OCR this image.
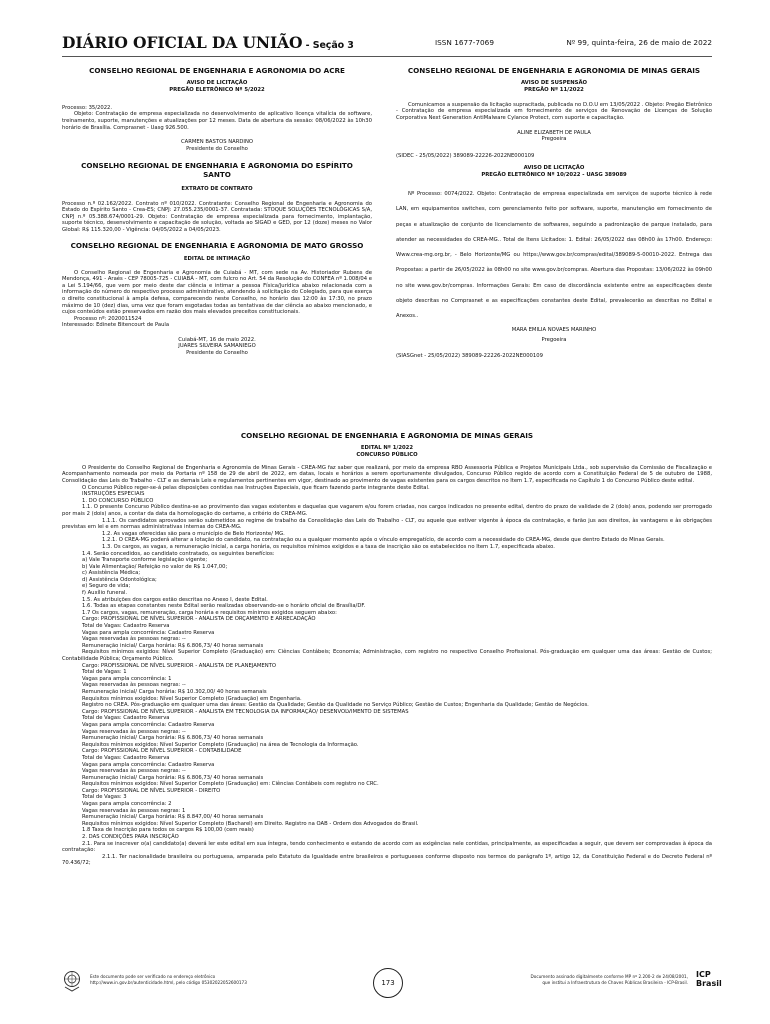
DIÁRIO OFICIAL DA UNIÃO - Seção 3	ISSN 1677-7069	Nº 99, quinta-feira, 26 de maio de 2022
CONSELHO REGIONAL DE ENGENHARIA E AGRONOMIA DO ACRE
AVISO DE LICITAÇÃO
PREGÃO ELETRÔNICO Nº 5/2022

Processo: 35/2022.

Objeto: Contratação de empresa especializada no desenvolvimento de aplicativo licença vitalícia de software, treinamento, suporte, manutenções e atualizações por 12 meses. Data de abertura da sessão: 08/06/2022 às 10h30 horário de Brasília. Comprasnet - Uasg 926.500.

CARMEN BASTOS NARDINO

Presidente do Conselho

CONSELHO REGIONAL DE ENGENHARIA E AGRONOMIA DO ESPÍRITO SANTO
EXTRATO DE CONTRATO

Processo n.º 02.162/2022. Contrato nº 010/2022. Contratante: Conselho Regional de Engenharia e Agronomia do Estado do Espírito Santo - Crea-ES; CNPJ: 27.055.235/0001-37. Contratada: STOQUE SOLUÇÕES TECNOLÓGICAS S/A, CNPJ n.º 05.388.674/0001-29. Objeto: Contratação de empresa especializada para fornecimento, implantação, suporte técnico, desenvolvimento e capacitação de solução, voltada ao SIGAD e GED, por 12 (doze) meses no Valor Global: R$ 115.320,00 - Vigência: 04/05/2022 a 04/05/2023.

CONSELHO REGIONAL DE ENGENHARIA E AGRONOMIA DE MATO GROSSO
EDITAL DE INTIMAÇÃO

O Conselho Regional de Engenharia e Agronomia de Cuiabá - MT, com sede na Av. Historiador Rubens de Mendonça, 491 - Araés - CEP 78005-725 - CUIABÁ - MT, com fulcro no Art. 54 da Resolução do CONFEA nº 1.008/04 e a Lei 5.194/66, que vem por meio deste dar ciência e intimar a pessoa Física/Jurídica abaixo relacionada com a informação do número do respectivo processo administrativo, atendendo à solicitação do Colegiado, para que exerça o direito constitucional à ampla defesa, comparecendo neste Conselho, no horário das 12:00 às 17:30, no prazo máximo de 10 (dez) dias, uma vez que foram esgotadas todas as tentativas de dar ciência ao abaixo mencionado, e cujos conteúdos estão preservados em razão dos mais elevados preceitos constitucionais.

Processo nº: 2020011524

Interessado: Edinete Bitencourt de Paula

Cuiabá-MT, 16 de maio 2022.

JUARES SILVEIRA SAMANIEGO

Presidente do Conselho

CONSELHO REGIONAL DE ENGENHARIA E AGRONOMIA DE MINAS GERAIS
AVISO DE SUSPENSÃO
PREGÃO Nº 11/2022

Comunicamos a suspensão da licitação supracitada, publicada no D.O.U em 13/05/2022 . Objeto: Pregão Eletrônico - Contratação de empresa especializada em fornecimento de serviços de Renovação de Licenças de Solução Corporativa Next Generation AntiMalware Cylance Protect, com suporte e capacitação.

ALINE ELIZABETH DE PAULA

Pregoeira

(SIDEC - 25/05/2022) 389089-22226-2022NE000109

AVISO DE LICITAÇÃO
PREGÃO ELETRÔNICO Nº 10/2022 - UASG 389089

Nº Processo: 0074/2022. Objeto: Contratação de empresa especializada em serviços de suporte técnico à rede LAN, em equipamentos switches, com gerenciamento feito por software, suporte, manutenção em fornecimento de peças e atualização de conjunto de licenciamento de softwares, seguindo a padronização de parque instalado, para atender as necessidades do CREA-MG.. Total de Itens Licitados: 1. Edital: 26/05/2022 das 08h00 às 17h00. Endereço: Www.crea-mg.org.br, - Belo Horizonte/MG ou https://www.gov.br/compras/edital/389089-5-00010-2022. Entrega das Propostas: a partir de 26/05/2022 às 08h00 no site www.gov.br/compras. Abertura das Propostas: 13/06/2022 às 09h00 no site www.gov.br/compras. Informações Gerais: Em caso de discordância existente entre as especificações deste objeto descritas no Comprasnet e as especificações constantes deste Edital, prevalecerão as descritas no Edital e Anexos..

MARA EMILIA NOVAES MARINHO

Pregoeira

(SIASGnet - 25/05/2022) 389089-22226-2022NE000109

CONSELHO REGIONAL DE ENGENHARIA E AGRONOMIA DE MINAS GERAIS
EDITAL Nº 1/2022
CONCURSO PÚBLICO

O Presidente do Conselho Regional de Engenharia e Agronomia de Minas Gerais - CREA-MG faz saber que realizará, por meio da empresa RBO Assessoria Pública e Projetos Municipais Ltda., sob supervisão da Comissão de Fiscalização e Acompanhamento nomeada por meio da Portaria nº 158 de 29 de abril de 2022, em datas, locais e horários a serem oportunamente divulgados, Concurso Público regido de acordo com a Constituição Federal de 5 de outubro de 1988, Consolidação das Leis do Trabalho - CLT e as demais Leis e regulamentos pertinentes em vigor, destinado ao provimento de vagas existentes para os cargos descritos no Item 1.7, especificada no Capítulo 1 do Concurso Público deste edital.

O Concurso Público reger-se-á pelas disposições contidas nas Instruções Especiais, que ficam fazendo parte integrante deste Edital.

INSTRUÇÕES ESPECIAIS

1. DO CONCURSO PÚBLICO

1.1. O presente Concurso Público destina-se ao provimento das vagas existentes e daquelas que vagarem e/ou forem criadas, nos cargos indicados no presente edital, dentro do prazo de validade de 2 (dois) anos, podendo ser prorrogado por mais 2 (dois) anos, a contar da data da homologação do certame, a critério do CREA-MG.

1.1.1. Os candidatos aprovados serão submetidos ao regime de trabalho da Consolidação das Leis do Trabalho - CLT, ou aquele que estiver vigente à época da contratação, e farão jus aos direitos, às vantagens e às obrigações previstas em lei e em normas administrativas internas do CREA-MG.

1.2. As vagas oferecidas são para o município de Belo Horizonte/ MG.

1.2.1. O CREA-MG poderá alterar a lotação do candidato, na contratação ou a qualquer momento após o vínculo empregatício, de acordo com a necessidade do CREA-MG, desde que dentro Estado do Minas Gerais.

1.3. Os cargos, as vagas, a remuneração inicial, a carga horária, os requisitos mínimos exigidos e a taxa de inscrição são os estabelecidos no Item 1.7, especificada abaixo.

1.4. Serão concedidos, ao candidato contratado, os seguintes benefícios:

a) Vale Transporte conforme legislação vigente;

b) Vale Alimentação/ Refeição no valor de R$ 1.047,00;

c) Assistência Médica;

d) Assistência Odontológica;

e) Seguro de vida;

f) Auxílio funeral.

1.5. As atribuições dos cargos estão descritas no Anexo I, deste Edital.

1.6. Todas as etapas constantes neste Edital serão realizadas observando-se o horário oficial de Brasília/DF.

1.7 Os cargos, vagas, remuneração, carga horária e requisitos mínimos exigidos seguem abaixo:

Cargo: PROFISSIONAL DE NÍVEL SUPERIOR - ANALISTA DE ORÇAMENTO E ARRECADAÇÃO

Total de Vagas: Cadastro Reserva

Vagas para ampla concorrência: Cadastro Reserva

Vagas reservadas às pessoas negras: --

Remuneração inicial/ Carga horária: R$ 6.806,73/ 40 horas semanais

Requisitos mínimos exigidos: Nível Superior Completo (Graduação) em: Ciências Contábeis; Economia; Administração, com registro no respectivo Conselho Profissional. Pós-graduação em qualquer uma das áreas: Gestão de Custos; Contabilidade Pública; Orçamento Público.

Cargo: PROFISSIONAL DE NÍVEL SUPERIOR - ANALISTA DE PLANEJAMENTO

Total de Vagas: 1

Vagas para ampla concorrência: 1

Vagas reservadas às pessoas negras: --

Remuneração inicial/ Carga horária: R$ 10.302,00/ 40 horas semanais

Requisitos mínimos exigidos: Nível Superior Completo (Graduação) em Engenharia.

Registro no CREA. Pós-graduação em qualquer uma das áreas: Gestão da Qualidade; Gestão da Qualidade no Serviço Público; Gestão de Custos; Engenharia da Qualidade; Gestão de Negócios.

Cargo: PROFISSIONAL DE NÍVEL SUPERIOR - ANALISTA EM TECNOLOGIA DA INFORMAÇÃO/ DESENVOLVIMENTO DE SISTEMAS

Total de Vagas: Cadastro Reserva

Vagas para ampla concorrência: Cadastro Reserva

Vagas reservadas às pessoas negras: --

Remuneração inicial/ Carga horária: R$ 6.806,73/ 40 horas semanais

Requisitos mínimos exigidos: Nível Superior Completo (Graduação) na área de Tecnologia da Informação.

Cargo: PROFISSIONAL DE NÍVEL SUPERIOR - CONTABILIDADE

Total de Vagas: Cadastro Reserva

Vagas para ampla concorrência: Cadastro Reserva

Vagas reservadas às pessoas negras: --

Remuneração inicial/ Carga horária: R$ 6.806,73/ 40 horas semanais

Requisitos mínimos exigidos: Nível Superior Completo (Graduação) em: Ciências Contábeis com registro no CRC.

Cargo: PROFISSIONAL DE NÍVEL SUPERIOR - DIREITO

Total de Vagas: 3

Vagas para ampla concorrência: 2

Vagas reservadas às pessoas negras: 1

Remuneração inicial/ Carga horária: R$ 8.847,00/ 40 horas semanais

Requisitos mínimos exigidos: Nível Superior Completo (Bacharel) em Direito. Registro na OAB - Ordem dos Advogados do Brasil.

1.8 Taxa de Inscrição para todos os cargos R$ 100,00 (cem reais)

2. DAS CONDIÇÕES PARA INSCRIÇÃO

2.1. Para se inscrever o(a) candidato(a) deverá ler este edital em sua íntegra, tendo conhecimento e estando de acordo com as exigências nele contidas, principalmente, as especificadas a seguir, que devem ser comprovadas à época da contratação:

2.1.1. Ter nacionalidade brasileira ou portuguesa, amparada pelo Estatuto da Igualdade entre brasileiros e portugueses conforme disposto nos termos do parágrafo 1º, artigo 12, da Constituição Federal e do Decreto Federal nº 70.436/72;

Este documento pode ser verificado no endereço eletrônico
http://www.in.gov.br/autenticidade.html, pelo código 05302022052600173	173
Documento assinado digitalmente conforme MP nº 2.200-2 de 24/08/2001,
que institui a Infraestrutura de Chaves Públicas Brasileira - ICP-Brasil.
ICP Brasil
